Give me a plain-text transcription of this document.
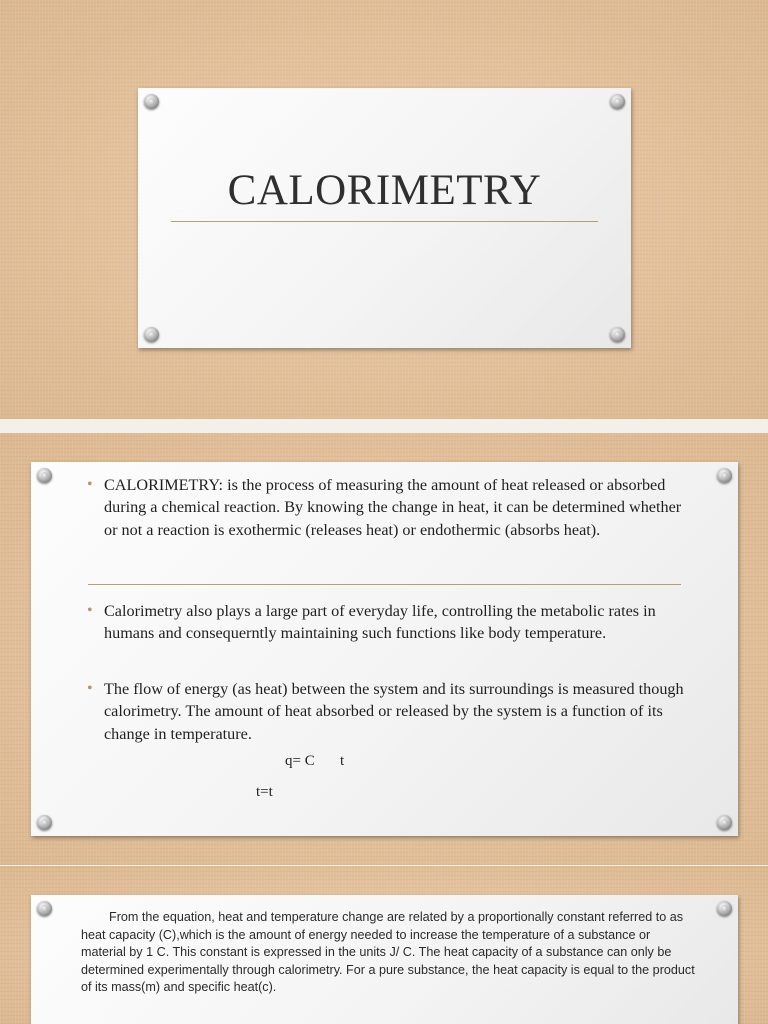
CALORIMETRY
• CALORIMETRY: is the process of measuring the amount of heat released or absorbed during a chemical reaction. By knowing the change in heat, it can be determined whether or not a reaction is exothermic (releases heat) or endothermic (absorbs heat).
• Calorimetry also plays a large part of everyday life, controlling the metabolic rates in humans and consequerntly maintaining such functions like body temperature.
• The flow of energy (as heat) between the system and its surroundings is measured though calorimetry. The amount of heat absorbed or released by the system is a function of its change in temperature.
q= C t
t=t
From the equation, heat and temperature change are related by a proportionally constant referred to as heat capacity (C),which is the amount of energy needed to increase the temperature of a substance or material by 1 C. This constant is expressed in the units J/ C. The heat capacity of a substance can only be determined experimentally through calorimetry. For a pure substance, the heat capacity is equal to the product of its mass(m) and specific heat(c).
